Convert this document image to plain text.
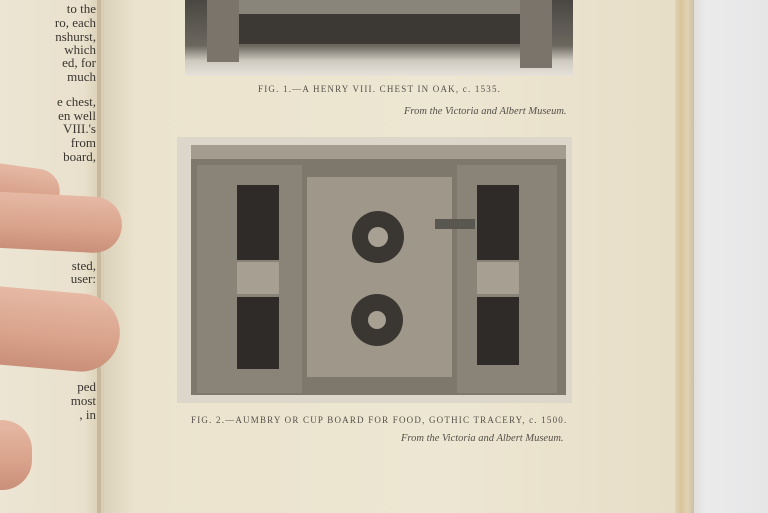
to the
ro, each
nshurst,
which
ed, for
much
e chest,
en well
VIII.'s
from
board,
sted,
user:
ped
most
, in
FIG. 1.—A HENRY VIII. CHEST IN OAK, c. 1535.
From the Victoria and Albert Museum.
FIG. 2.—AUMBRY OR CUP BOARD FOR FOOD, GOTHIC TRACERY, c. 1500.
From the Victoria and Albert Museum.
